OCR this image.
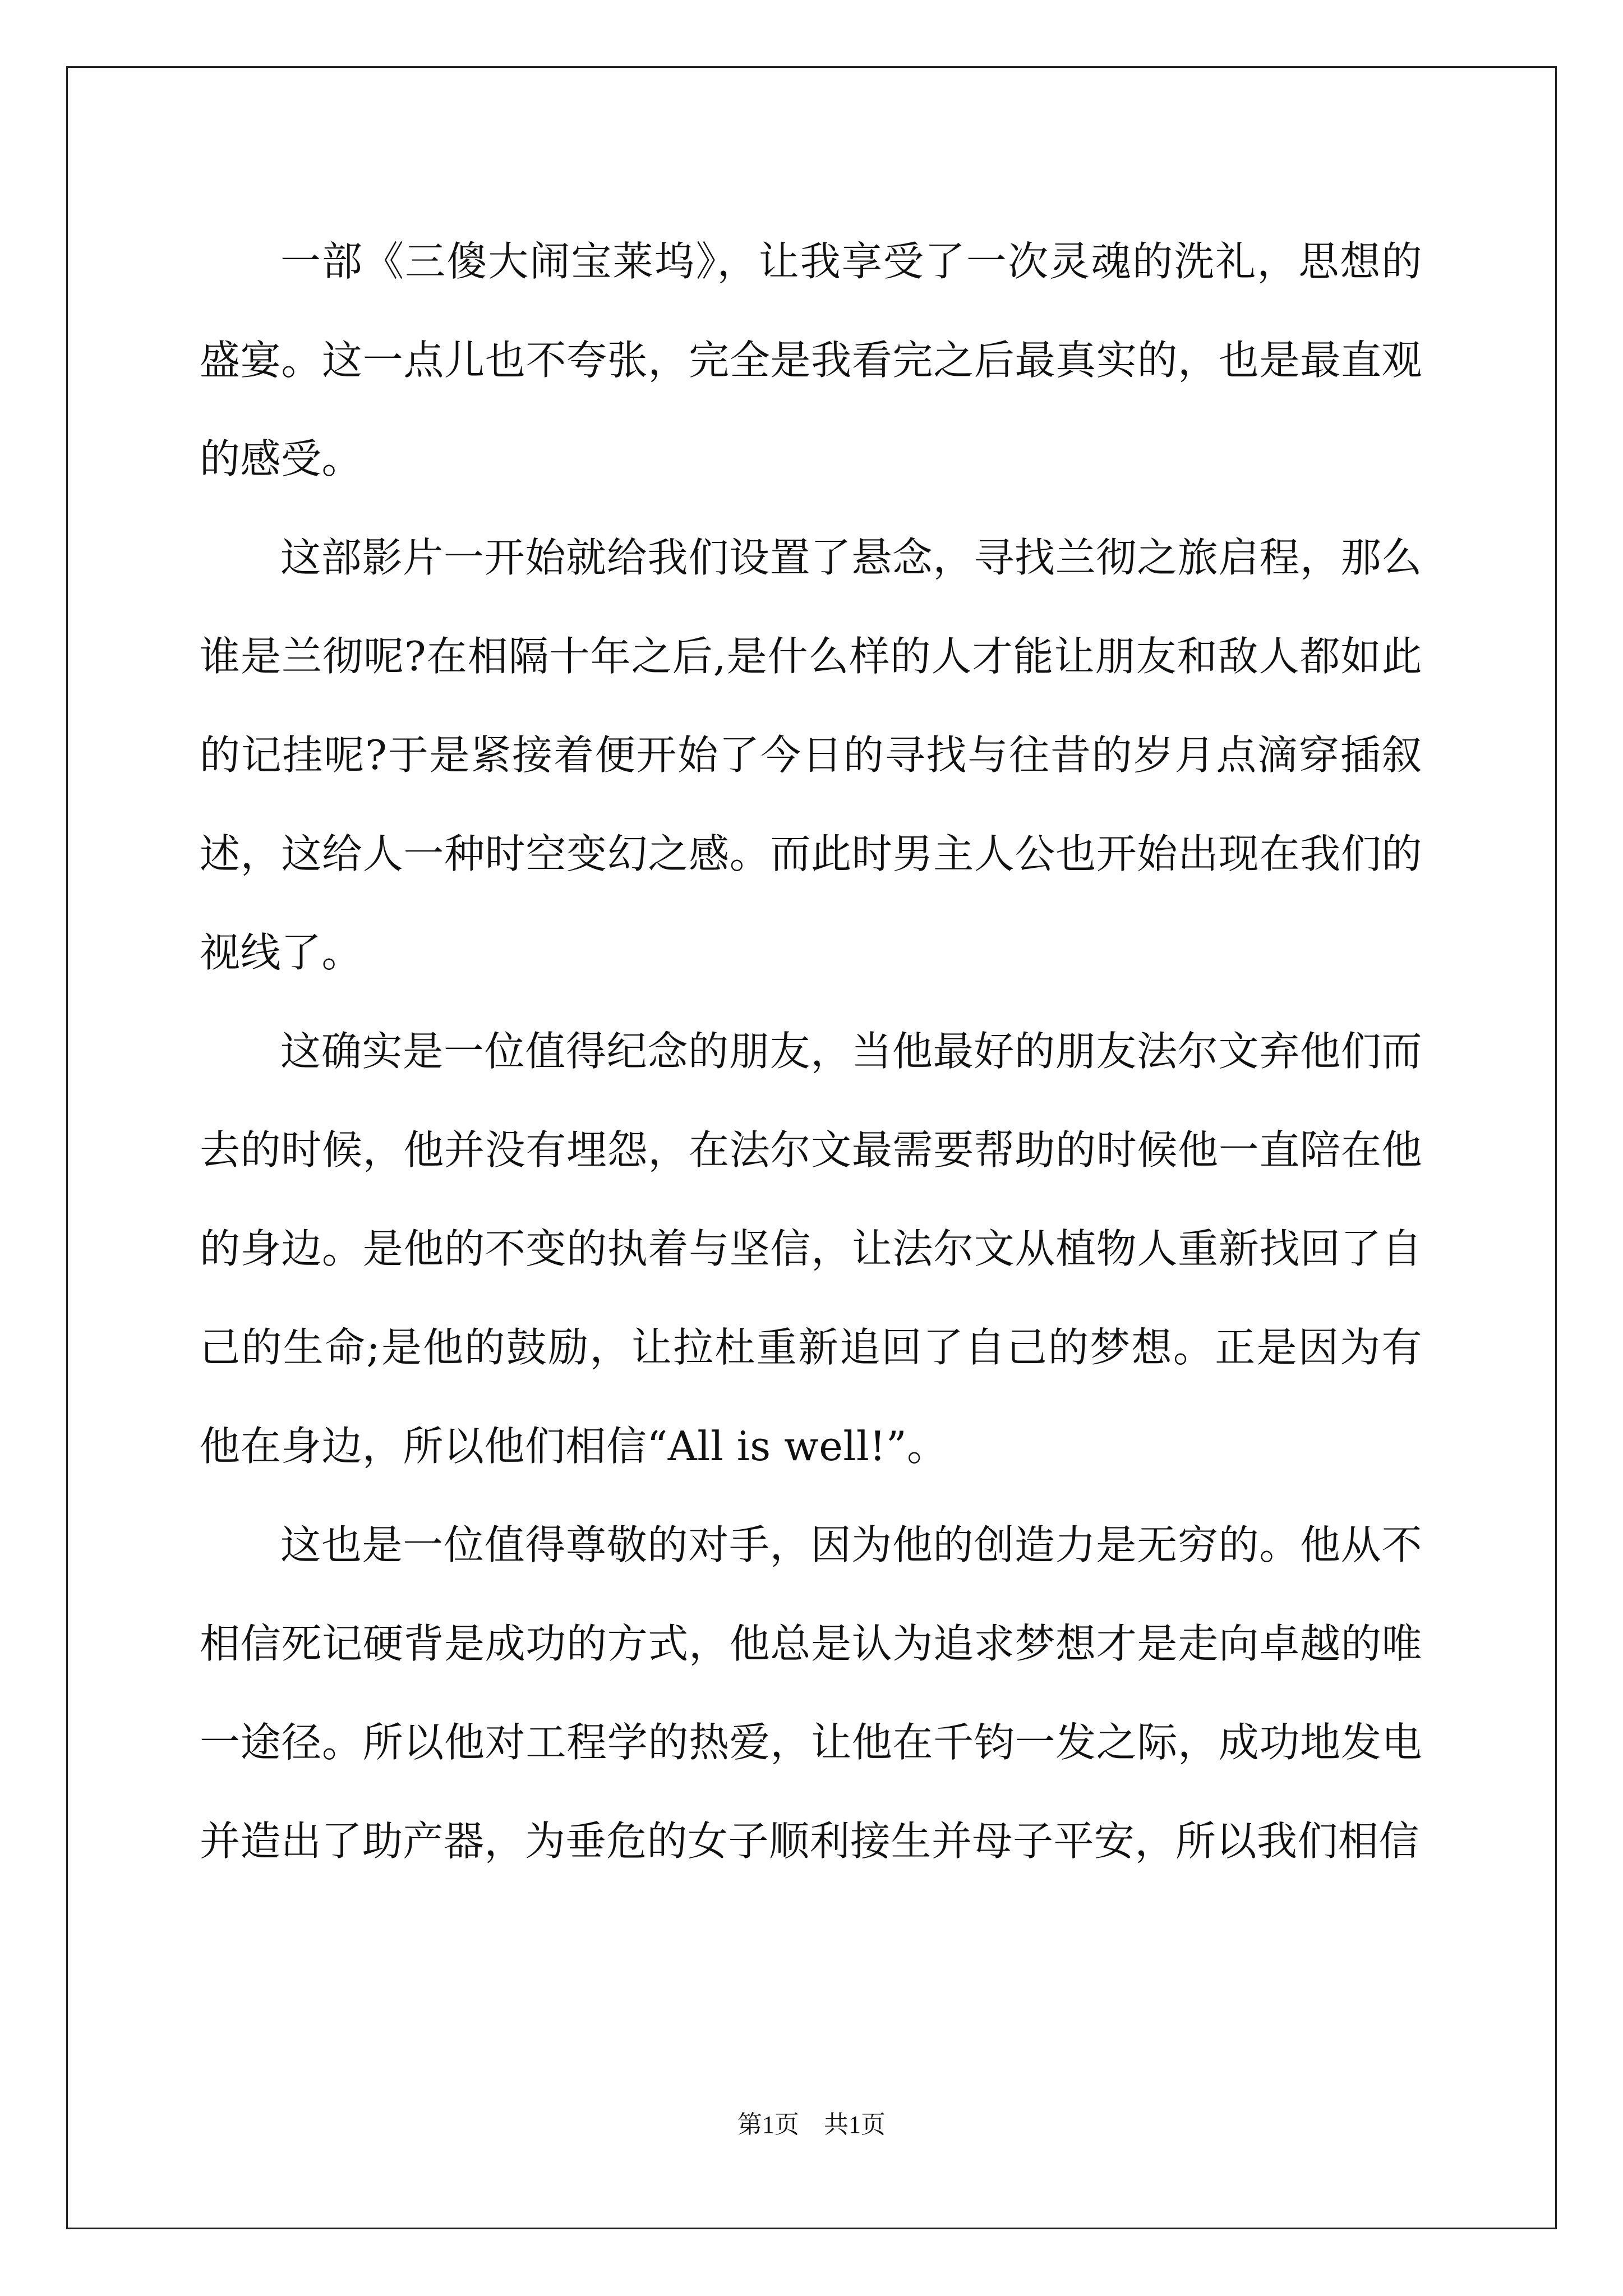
一部《三傻大闹宝莱坞》，让我享受了一次灵魂的洗礼，思想的盛宴。这一点儿也不夸张，完全是我看完之后最真实的，也是最直观的感受。

这部影片一开始就给我们设置了悬念，寻找兰彻之旅启程，那么谁是兰彻呢?在相隔十年之后,是什么样的人才能让朋友和敌人都如此的记挂呢?于是紧接着便开始了今日的寻找与往昔的岁月点滴穿插叙述，这给人一种时空变幻之感。而此时男主人公也开始出现在我们的视线了。

这确实是一位值得纪念的朋友，当他最好的朋友法尔文弃他们而去的时候，他并没有埋怨，在法尔文最需要帮助的时候他一直陪在他的身边。是他的不变的执着与坚信，让法尔文从植物人重新找回了自己的生命;是他的鼓励，让拉杜重新追回了自己的梦想。正是因为有他在身边，所以他们相信“All is well!”。

这也是一位值得尊敬的对手，因为他的创造力是无穷的。他从不相信死记硬背是成功的方式，他总是认为追求梦想才是走向卓越的唯一途径。所以他对工程学的热爱，让他在千钧一发之际，成功地发电并造出了助产器，为垂危的女子顺利接生并母子平安，所以我们相信

第1页 共1页
